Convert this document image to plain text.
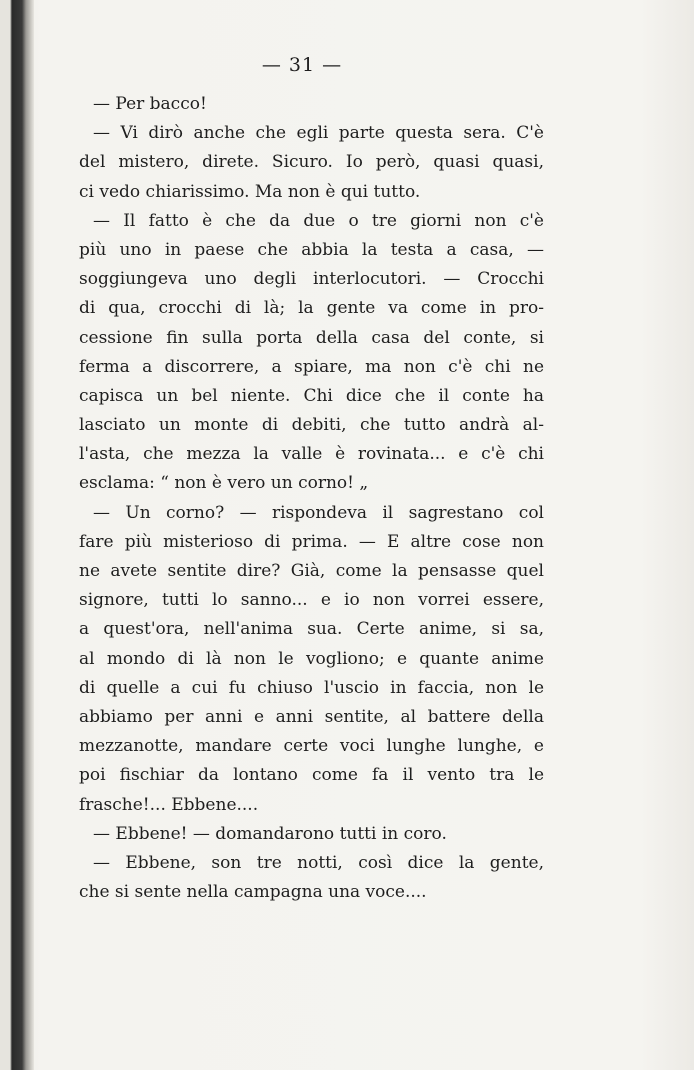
— 31 —
— Per bacco!
— Vi dirò anche che egli parte questa sera. C'è
del mistero, direte. Sicuro. Io però, quasi quasi,
ci vedo chiarissimo. Ma non è qui tutto.
— Il fatto è che da due o tre giorni non c'è
più uno in paese che abbia la testa a casa, —
soggiungeva uno degli interlocutori. — Crocchi
di qua, crocchi di là; la gente va come in pro-
cessione fin sulla porta della casa del conte, si
ferma a discorrere, a spiare, ma non c'è chi ne
capisca un bel niente. Chi dice che il conte ha
lasciato un monte di debiti, che tutto andrà al-
l'asta, che mezza la valle è rovinata... e c'è chi
esclama: “ non è vero un corno! „
— Un corno? — rispondeva il sagrestano col
fare più misterioso di prima. — E altre cose non
ne avete sentite dire? Già, come la pensasse quel
signore, tutti lo sanno... e io non vorrei essere,
a quest'ora, nell'anima sua. Certe anime, si sa,
al mondo di là non le vogliono; e quante anime
di quelle a cui fu chiuso l'uscio in faccia, non le
abbiamo per anni e anni sentite, al battere della
mezzanotte, mandare certe voci lunghe lunghe, e
poi fischiar da lontano come fa il vento tra le
frasche!... Ebbene....
— Ebbene! — domandarono tutti in coro.
— Ebbene, son tre notti, così dice la gente,
che si sente nella campagna una voce....
